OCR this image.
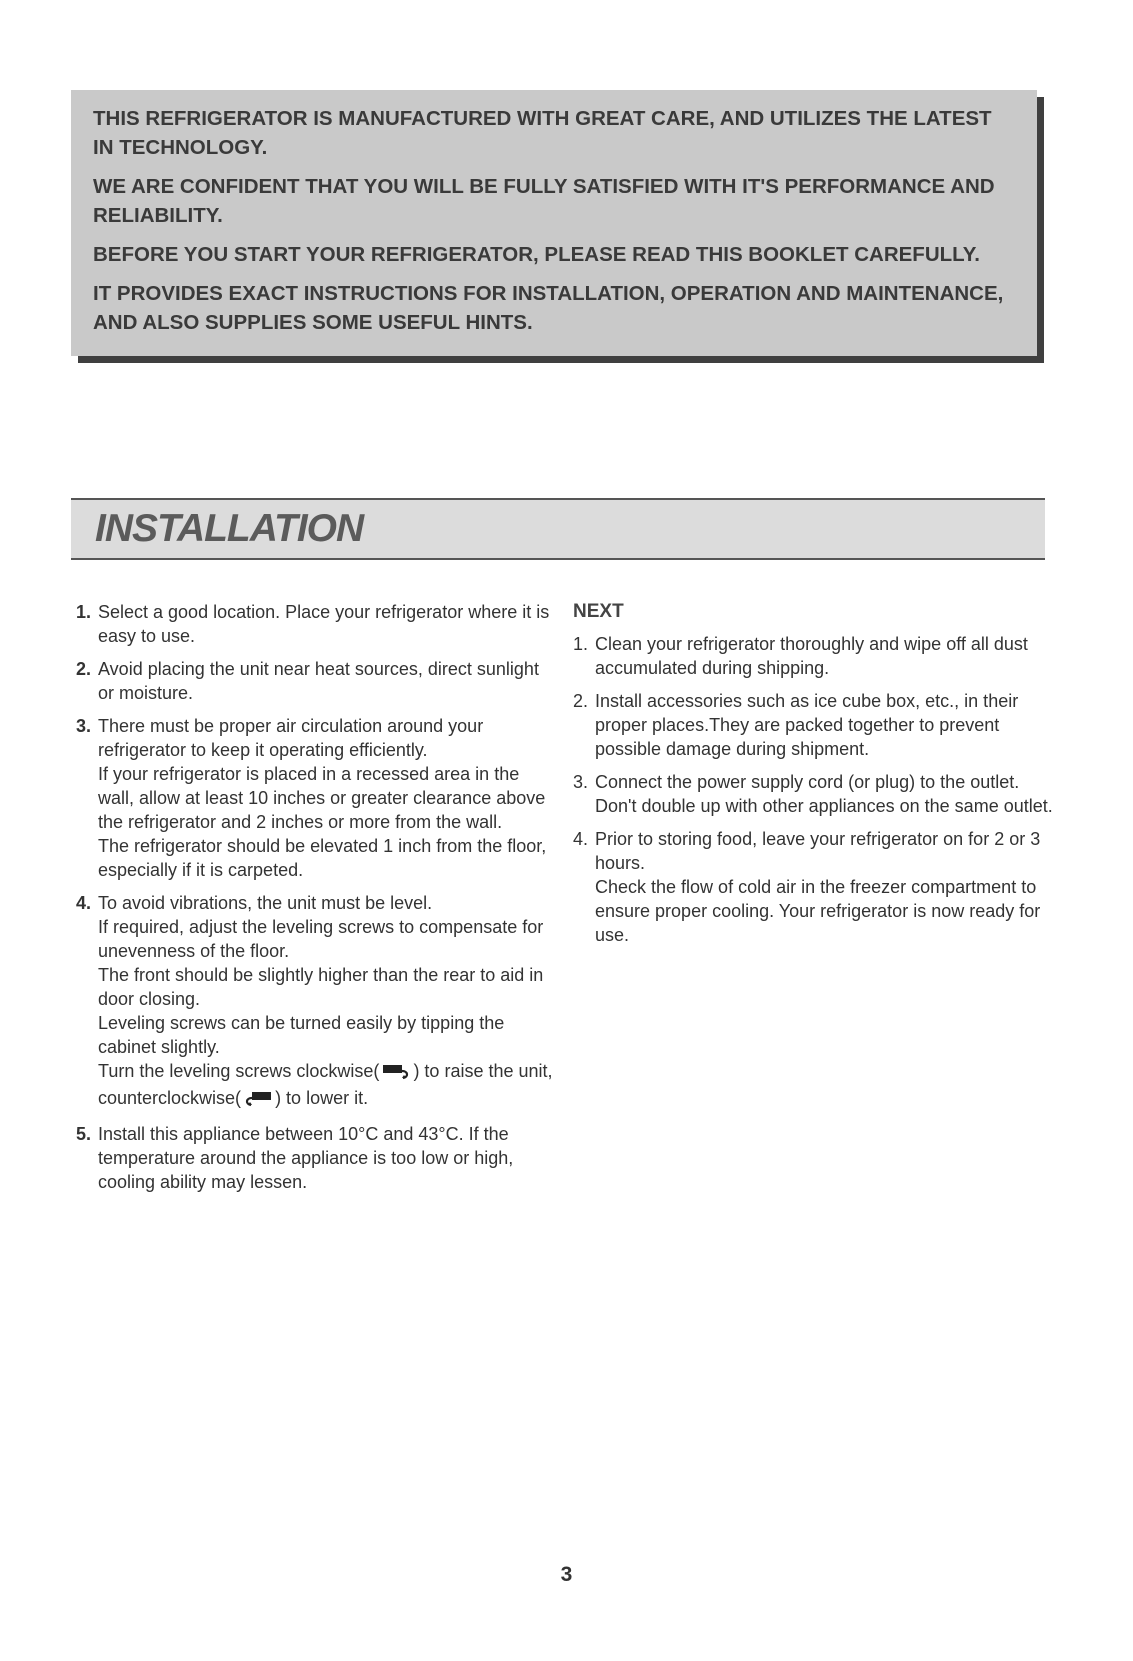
THIS REFRIGERATOR IS MANUFACTURED WITH GREAT CARE, AND UTILIZES THE LATEST IN TECHNOLOGY.

WE ARE CONFIDENT THAT YOU WILL BE FULLY SATISFIED WITH IT'S PERFORMANCE AND RELIABILITY.

BEFORE YOU START YOUR REFRIGERATOR, PLEASE READ THIS BOOKLET CAREFULLY.

IT PROVIDES EXACT INSTRUCTIONS FOR INSTALLATION, OPERATION AND MAINTENANCE, AND ALSO SUPPLIES SOME USEFUL HINTS.

INSTALLATION
1. Select a good location. Place your refrigerator where it is easy to use.

2. Avoid placing the unit near heat sources, direct sunlight or moisture.

3. There must be proper air circulation around your refrigerator to keep it operating efficiently.

If your refrigerator is placed in a recessed area in the wall, allow at least 10 inches or greater clearance above the refrigerator and 2 inches or more from the wall.

The refrigerator should be elevated 1 inch from the floor, especially if it is carpeted.

4. To avoid vibrations, the unit must be level.

If required, adjust the leveling screws to compensate for unevenness of the floor.

The front should be slightly higher than the rear to aid in door closing.

Leveling screws can be turned easily by tipping the cabinet slightly.

Turn the leveling screws clockwise( ) to raise the unit, counterclockwise( ) to lower it.

5. Install this appliance between 10°C and 43°C. If the temperature around the appliance is too low or high, cooling ability may lessen.

NEXT
1. Clean your refrigerator thoroughly and wipe off all dust accumulated during shipping.

2. Install accessories such as ice cube box, etc., in their proper places.They are packed together to prevent possible damage during shipment.

3. Connect the power supply cord (or plug) to the outlet. Don't double up with other appliances on the same outlet.

4. Prior to storing food, leave your refrigerator on for 2 or 3 hours.

Check the flow of cold air in the freezer compartment to ensure proper cooling. Your refrigerator is now ready for use.

3
